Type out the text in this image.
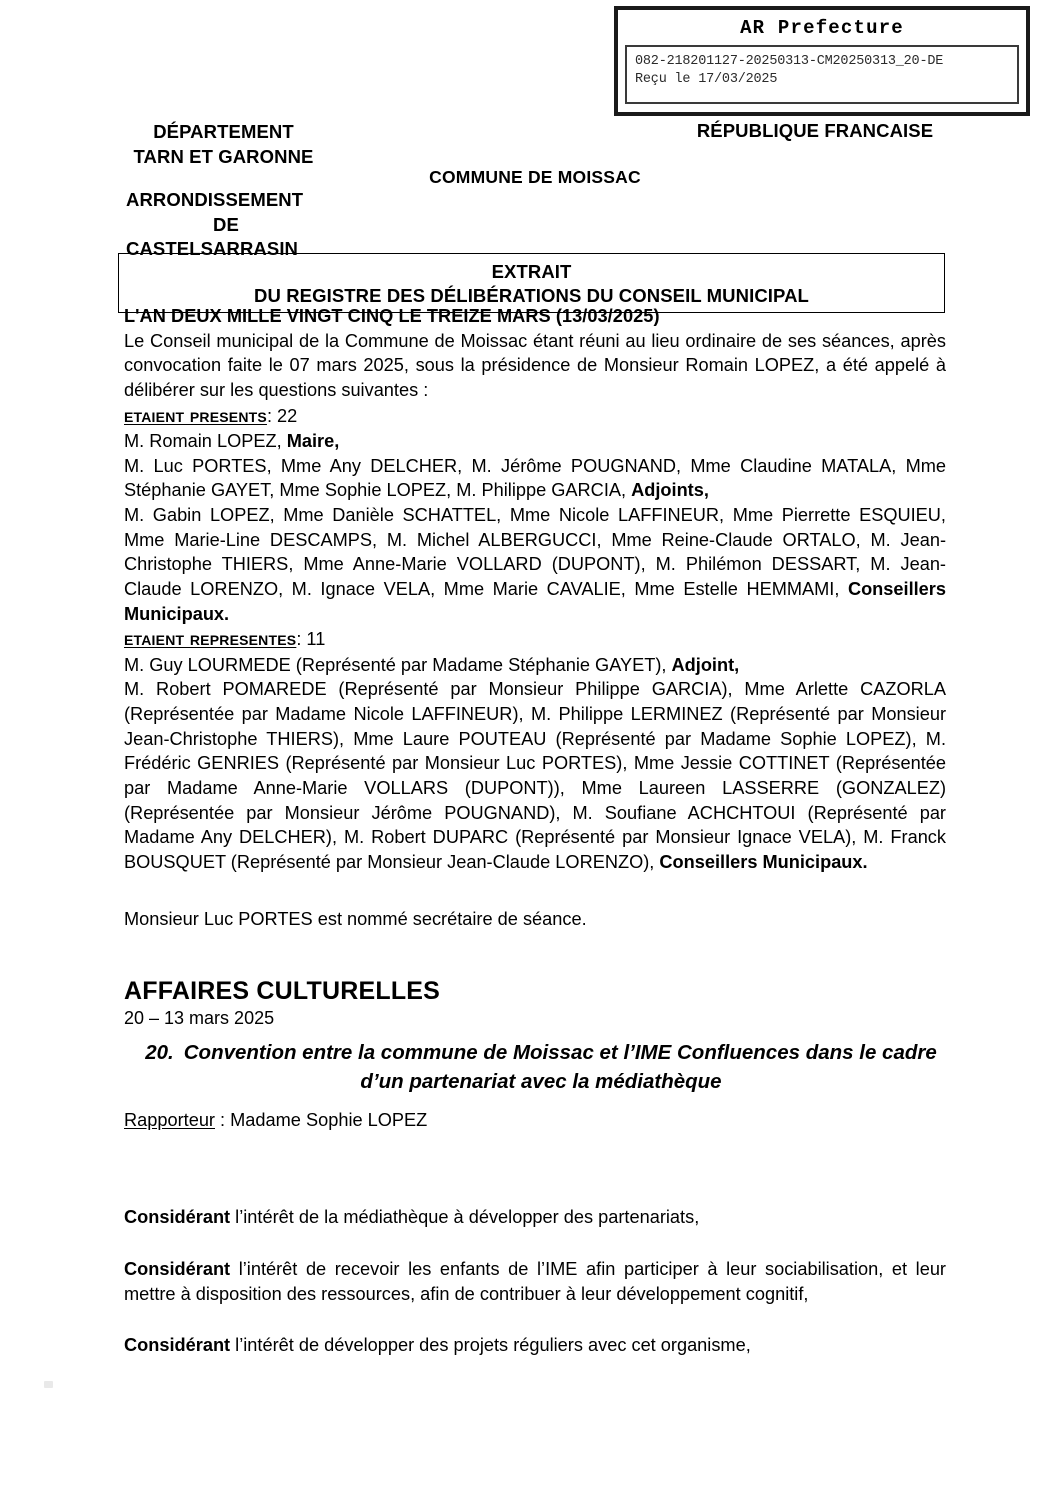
AR Prefecture
082-218201127-20250313-CM20250313_20-DE
Reçu le 17/03/2025
DÉPARTEMENT
TARN ET GARONNE
ARRONDISSEMENT
DE
CASTELSARRASIN
RÉPUBLIQUE FRANCAISE
COMMUNE DE MOISSAC
EXTRAIT
DU REGISTRE DES DÉLIBÉRATIONS DU CONSEIL MUNICIPAL

L'AN DEUX MILLE VINGT CINQ LE TREIZE MARS (13/03/2025)

Le Conseil municipal de la Commune de Moissac étant réuni au lieu ordinaire de ses séances, après convocation faite le 07 mars 2025, sous la présidence de Monsieur Romain LOPEZ, a été appelé à délibérer sur les questions suivantes :

etaient presents: 22

M. Romain LOPEZ, Maire,

M. Luc PORTES, Mme Any DELCHER, M. Jérôme POUGNAND, Mme Claudine MATALA, Mme Stéphanie GAYET, Mme Sophie LOPEZ, M. Philippe GARCIA, Adjoints,

M. Gabin LOPEZ, Mme Danièle SCHATTEL, Mme Nicole LAFFINEUR, Mme Pierrette ESQUIEU, Mme Marie-Line DESCAMPS, M. Michel ALBERGUCCI, Mme Reine-Claude ORTALO, M. Jean-Christophe THIERS, Mme Anne-Marie VOLLARD (DUPONT), M. Philémon DESSART, M. Jean-Claude LORENZO, M. Ignace VELA, Mme Marie CAVALIE, Mme Estelle HEMMAMI, Conseillers Municipaux.

etaient representes: 11

M. Guy LOURMEDE (Représenté par Madame Stéphanie GAYET), Adjoint,

M. Robert POMAREDE (Représenté par Monsieur Philippe GARCIA), Mme Arlette CAZORLA (Représentée par Madame Nicole LAFFINEUR), M. Philippe LERMINEZ (Représenté par Monsieur Jean-Christophe THIERS), Mme Laure POUTEAU (Représenté par Madame Sophie LOPEZ), M. Frédéric GENRIES (Représenté par Monsieur Luc PORTES), Mme Jessie COTTINET (Représentée par Madame Anne-Marie VOLLARS (DUPONT)), Mme Laureen LASSERRE (GONZALEZ) (Représentée par Monsieur Jérôme POUGNAND), M. Soufiane ACHCHTOUI (Représenté par Madame Any DELCHER), M. Robert DUPARC (Représenté par Monsieur Ignace VELA), M. Franck BOUSQUET (Représenté par Monsieur Jean-Claude LORENZO), Conseillers Municipaux.

Monsieur Luc PORTES est nommé secrétaire de séance.

AFFAIRES CULTURELLES
20 – 13 mars 2025
20. Convention entre la commune de Moissac et l’IME Confluences dans le cadre d’un partenariat avec la médiathèque
Rapporteur : Madame Sophie LOPEZ

Considérant l’intérêt de la médiathèque à développer des partenariats,

Considérant l’intérêt de recevoir les enfants de l’IME afin participer à leur sociabilisation, et leur mettre à disposition des ressources, afin de contribuer à leur développement cognitif,

Considérant l’intérêt de développer des projets réguliers avec cet organisme,
